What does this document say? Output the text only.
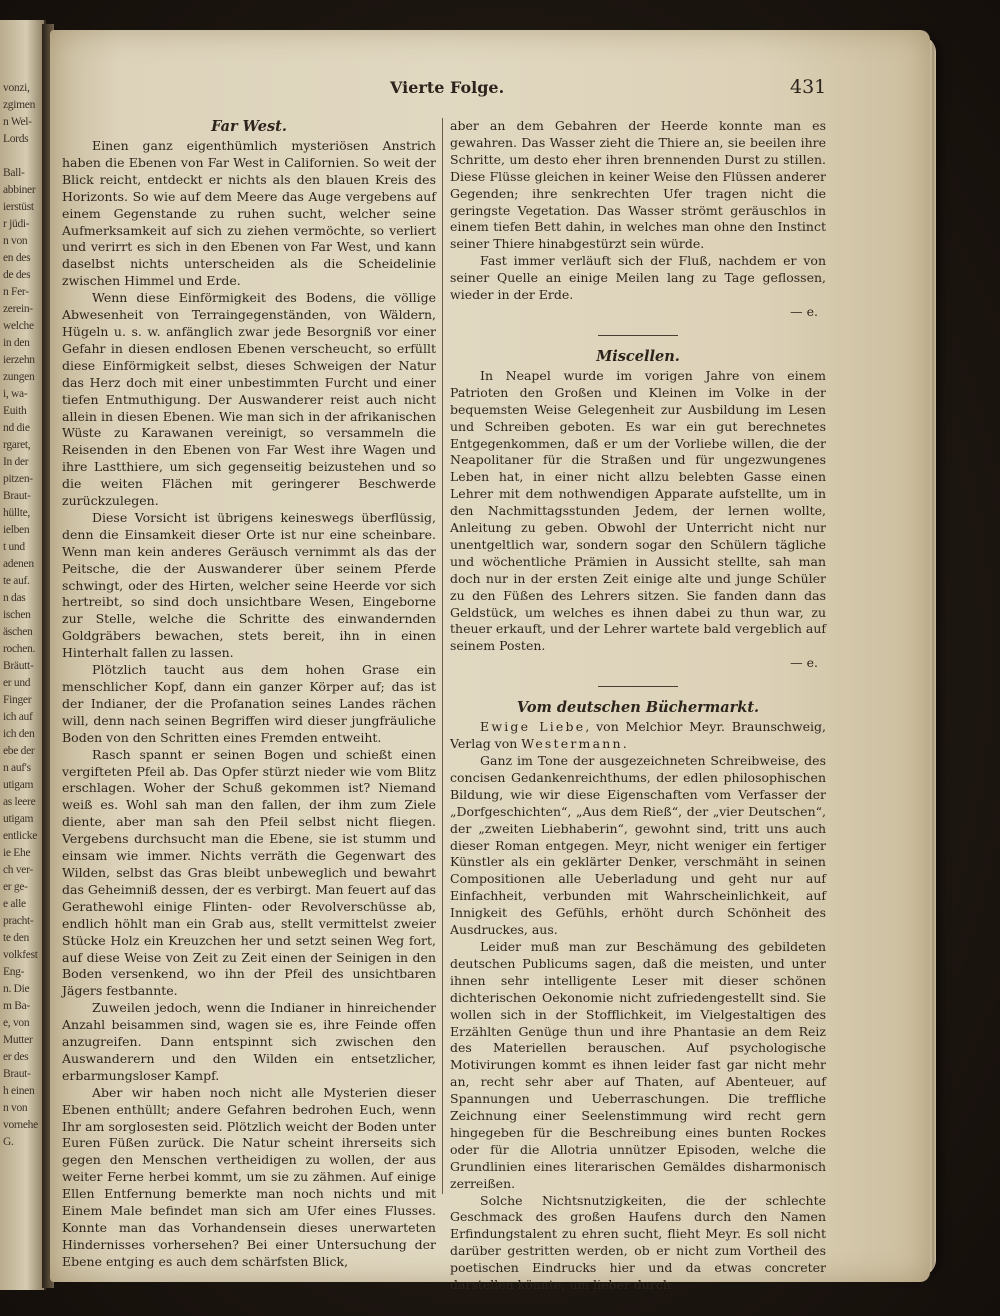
vonzi,
zgimen
n Wel-
Lords

Ball-
abbiner
ierstüst
r jüdi-
n von
en des
de des
n Fer-
zerein-
welche
in den
ierzehn
zungen
i, wa-
Euith
nd die
rgaret,
In der
pitzen-
Braut-
hüllte,
ielben
t und
adenen
te auf.
n das
ischen
äschen
rochen.
Bräutt-
er und
Finger
ich auf
ich den
ebe der
n auf's
utigam
as leere
utigam
entlicke
ie Ehe
ch ver-
er ge-
e alle
pracht-
te den
volkfest
Eng-
n. Die
m Ba-
e, von
Mutter
er des
Braut-
h einen
n von
vornehe
G.
Vierte Folge.	431
Far West.

Einen ganz eigenthümlich mysteriösen Anstrich haben die Ebenen von Far West in Californien. So weit der Blick reicht, entdeckt er nichts als den blauen Kreis des Horizonts. So wie auf dem Meere das Auge vergebens auf einem Gegenstande zu ruhen sucht, welcher seine Aufmerksamkeit auf sich zu ziehen vermöchte, so verliert und verirrt es sich in den Ebenen von Far West, und kann daselbst nichts unterscheiden als die Scheidelinie zwischen Himmel und Erde.

Wenn diese Einförmigkeit des Bodens, die völlige Abwesenheit von Terraingegenständen, von Wäldern, Hügeln u. s. w. anfänglich zwar jede Besorgniß vor einer Gefahr in diesen endlosen Ebenen verscheucht, so erfüllt diese Einförmigkeit selbst, dieses Schweigen der Natur das Herz doch mit einer unbestimmten Furcht und einer tiefen Entmuthigung. Der Auswanderer reist auch nicht allein in diesen Ebenen. Wie man sich in der afrikanischen Wüste zu Karawanen vereinigt, so versammeln die Reisenden in den Ebenen von Far West ihre Wagen und ihre Lastthiere, um sich gegenseitig beizustehen und so die weiten Flächen mit geringerer Beschwerde zurückzulegen.

Diese Vorsicht ist übrigens keineswegs überflüssig, denn die Einsamkeit dieser Orte ist nur eine scheinbare. Wenn man kein anderes Geräusch vernimmt als das der Peitsche, die der Auswanderer über seinem Pferde schwingt, oder des Hirten, welcher seine Heerde vor sich hertreibt, so sind doch unsichtbare Wesen, Eingeborne zur Stelle, welche die Schritte des einwandernden Goldgräbers bewachen, stets bereit, ihn in einen Hinterhalt fallen zu lassen.

Plötzlich taucht aus dem hohen Grase ein menschlicher Kopf, dann ein ganzer Körper auf; das ist der Indianer, der die Profanation seines Landes rächen will, denn nach seinen Begriffen wird dieser jungfräuliche Boden von den Schritten eines Fremden entweiht.

Rasch spannt er seinen Bogen und schießt einen vergifteten Pfeil ab. Das Opfer stürzt nieder wie vom Blitz erschlagen. Woher der Schuß gekommen ist? Niemand weiß es. Wohl sah man den fallen, der ihm zum Ziele diente, aber man sah den Pfeil selbst nicht fliegen. Vergebens durchsucht man die Ebene, sie ist stumm und einsam wie immer. Nichts verräth die Gegenwart des Wilden, selbst das Gras bleibt unbeweglich und bewahrt das Geheimniß dessen, der es verbirgt. Man feuert auf das Gerathewohl einige Flinten- oder Revolverschüsse ab, endlich höhlt man ein Grab aus, stellt vermittelst zweier Stücke Holz ein Kreuzchen her und setzt seinen Weg fort, auf diese Weise von Zeit zu Zeit einen der Seinigen in den Boden versenkend, wo ihn der Pfeil des unsichtbaren Jägers festbannte.

Zuweilen jedoch, wenn die Indianer in hinreichender Anzahl beisammen sind, wagen sie es, ihre Feinde offen anzugreifen. Dann entspinnt sich zwischen den Auswanderern und den Wilden ein entsetzlicher, erbarmungsloser Kampf.

Aber wir haben noch nicht alle Mysterien dieser Ebenen enthüllt; andere Gefahren bedrohen Euch, wenn Ihr am sorglosesten seid. Plötzlich weicht der Boden unter Euren Füßen zurück. Die Natur scheint ihrerseits sich gegen den Menschen vertheidigen zu wollen, der aus weiter Ferne herbei kommt, um sie zu zähmen. Auf einige Ellen Entfernung bemerkte man noch nichts und mit Einem Male befindet man sich am Ufer eines Flusses. Konnte man das Vorhandensein dieses unerwarteten Hindernisses vorhersehen? Bei einer Untersuchung der Ebene entging es auch dem schärfsten Blick,

aber an dem Gebahren der Heerde konnte man es gewahren. Das Wasser zieht die Thiere an, sie beeilen ihre Schritte, um desto eher ihren brennenden Durst zu stillen. Diese Flüsse gleichen in keiner Weise den Flüssen anderer Gegenden; ihre senkrechten Ufer tragen nicht die geringste Vegetation. Das Wasser strömt geräuschlos in einem tiefen Bett dahin, in welches man ohne den Instinct seiner Thiere hinabgestürzt sein würde.

Fast immer verläuft sich der Fluß, nachdem er von seiner Quelle an einige Meilen lang zu Tage geflossen, wieder in der Erde.

— e.
Miscellen.

In Neapel wurde im vorigen Jahre von einem Patrioten den Großen und Kleinen im Volke in der bequemsten Weise Gelegenheit zur Ausbildung im Lesen und Schreiben geboten. Es war ein gut berechnetes Entgegenkommen, daß er um der Vorliebe willen, die der Neapolitaner für die Straßen und für ungezwungenes Leben hat, in einer nicht allzu belebten Gasse einen Lehrer mit dem nothwendigen Apparate aufstellte, um in den Nachmittagsstunden Jedem, der lernen wollte, Anleitung zu geben. Obwohl der Unterricht nicht nur unentgeltlich war, sondern sogar den Schülern tägliche und wöchentliche Prämien in Aussicht stellte, sah man doch nur in der ersten Zeit einige alte und junge Schüler zu den Füßen des Lehrers sitzen. Sie fanden dann das Geldstück, um welches es ihnen dabei zu thun war, zu theuer erkauft, und der Lehrer wartete bald vergeblich auf seinem Posten.

— e.
Vom deutschen Büchermarkt.

Ewige Liebe, von Melchior Meyr. Braunschweig, Verlag von Westermann.

Ganz im Tone der ausgezeichneten Schreibweise, des concisen Gedankenreichthums, der edlen philosophischen Bildung, wie wir diese Eigenschaften vom Verfasser der „Dorfgeschichten“, „Aus dem Rieß“, der „vier Deutschen“, der „zweiten Liebhaberin“, gewohnt sind, tritt uns auch dieser Roman entgegen. Meyr, nicht weniger ein fertiger Künstler als ein geklärter Denker, verschmäht in seinen Compositionen alle Ueberladung und geht nur auf Einfachheit, verbunden mit Wahrscheinlichkeit, auf Innigkeit des Gefühls, erhöht durch Schönheit des Ausdruckes, aus.

Leider muß man zur Beschämung des gebildeten deutschen Publicums sagen, daß die meisten, und unter ihnen sehr intelligente Leser mit dieser schönen dichterischen Oekonomie nicht zufriedengestellt sind. Sie wollen sich in der Stofflichkeit, im Vielgestaltigen des Erzählten Genüge thun und ihre Phantasie an dem Reiz des Materiellen berauschen. Auf psychologische Motivirungen kommt es ihnen leider fast gar nicht mehr an, recht sehr aber auf Thaten, auf Abenteuer, auf Spannungen und Ueberraschungen. Die treffliche Zeichnung einer Seelenstimmung wird recht gern hingegeben für die Beschreibung eines bunten Rockes oder für die Allotria unnützer Episoden, welche die Grundlinien eines literarischen Gemäldes disharmonisch zerreißen.

Solche Nichtsnutzigkeiten, die der schlechte Geschmack des großen Haufens durch den Namen Erfindungstalent zu ehren sucht, flieht Meyr. Es soll nicht darüber gestritten werden, ob er nicht zum Vortheil des poetischen Eindrucks hier und da etwas concreter darstellen könnte, um lieber durch
